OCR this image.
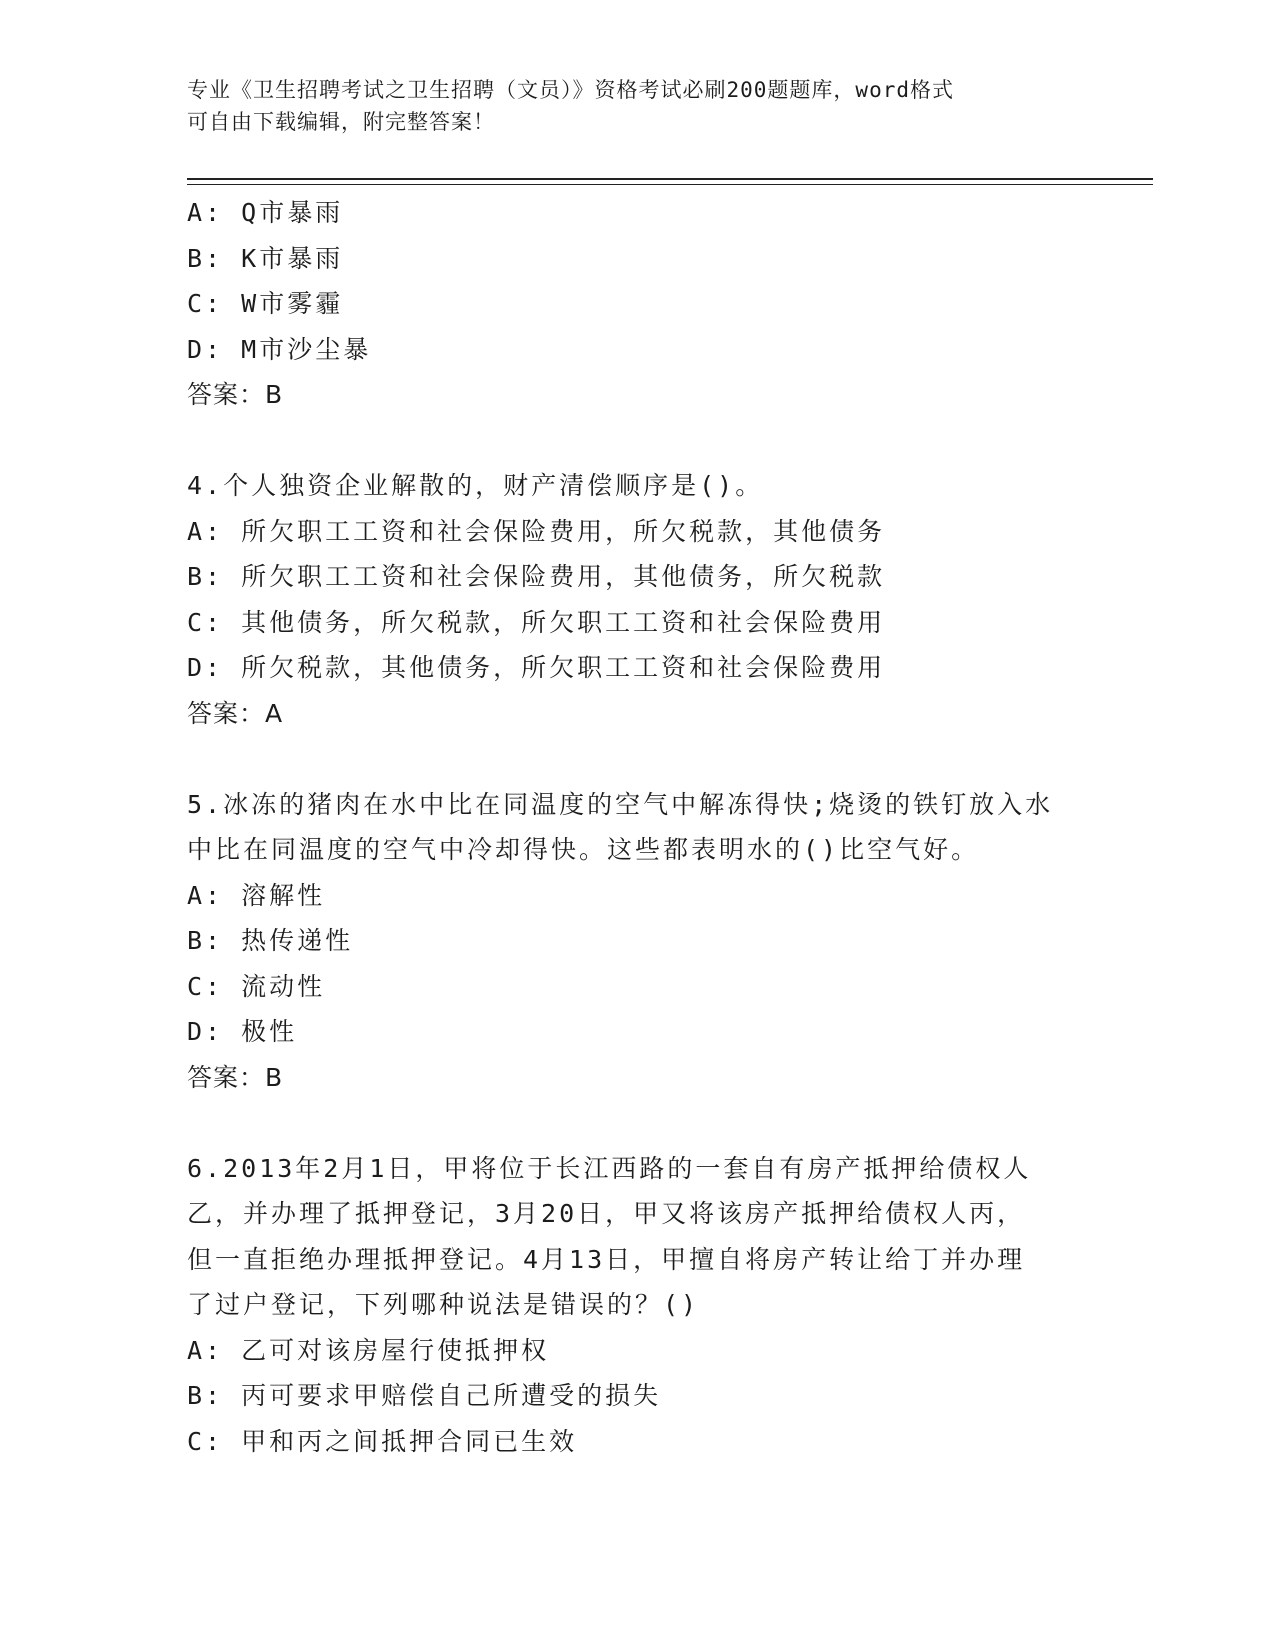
专业《卫生招聘考试之卫生招聘（文员）》资格考试必刷200题题库，word格式
可自由下载编辑，附完整答案！
A: Q市暴雨
B: K市暴雨
C: W市雾霾
D: M市沙尘暴
答案：B
4.个人独资企业解散的，财产清偿顺序是()。
A: 所欠职工工资和社会保险费用，所欠税款，其他债务
B: 所欠职工工资和社会保险费用，其他债务，所欠税款
C: 其他债务，所欠税款，所欠职工工资和社会保险费用
D: 所欠税款，其他债务，所欠职工工资和社会保险费用
答案：A
5.冰冻的猪肉在水中比在同温度的空气中解冻得快;烧烫的铁钉放入水
中比在同温度的空气中冷却得快。这些都表明水的()比空气好。
A: 溶解性
B: 热传递性
C: 流动性
D: 极性
答案：B
6.2013年2月1日，甲将位于长江西路的一套自有房产抵押给债权人
乙，并办理了抵押登记，3月20日，甲又将该房产抵押给债权人丙，
但一直拒绝办理抵押登记。4月13日，甲擅自将房产转让给丁并办理
了过户登记，下列哪种说法是错误的？()
A: 乙可对该房屋行使抵押权
B: 丙可要求甲赔偿自己所遭受的损失
C: 甲和丙之间抵押合同已生效
